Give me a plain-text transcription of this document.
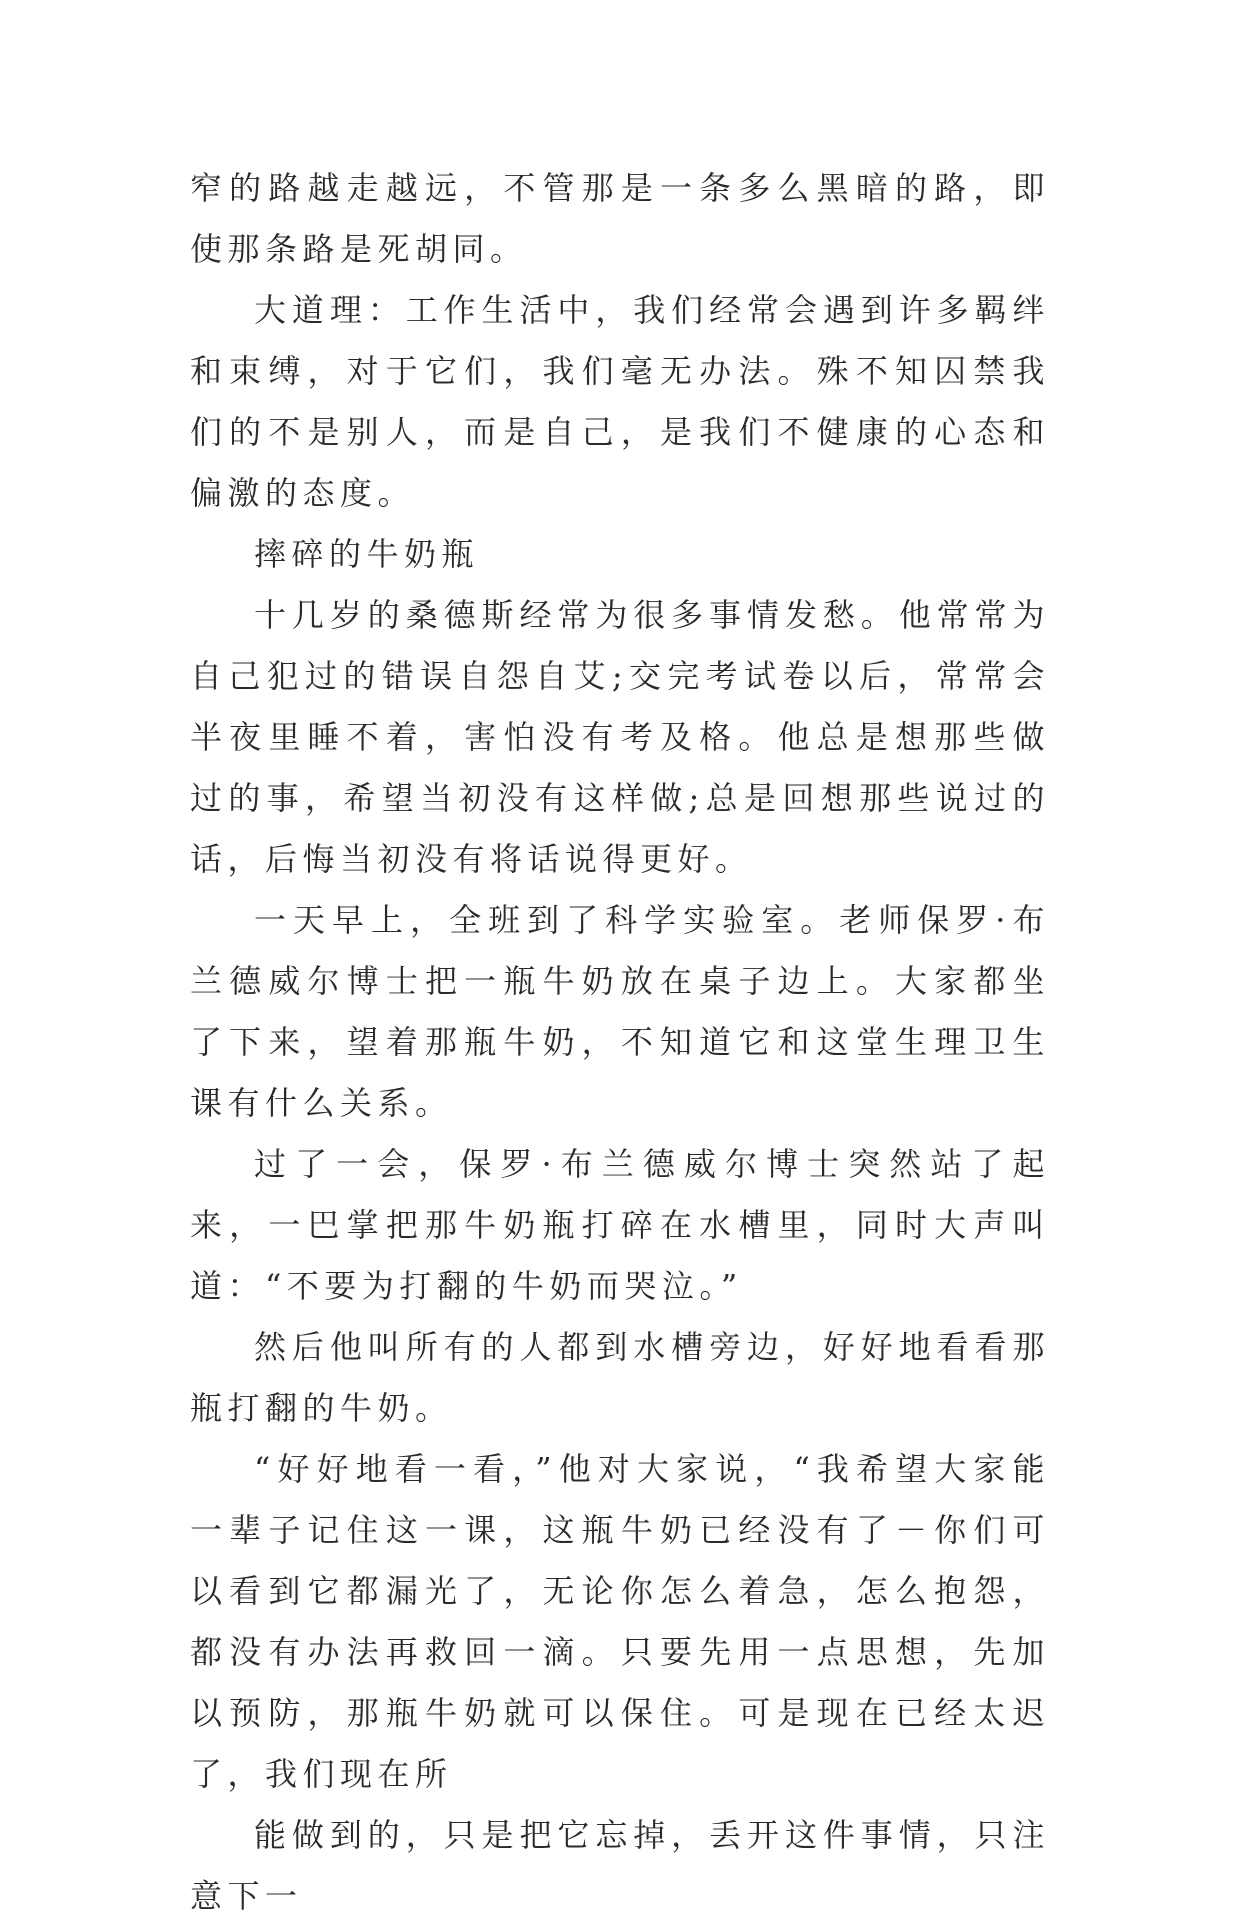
窄的路越走越远，不管那是一条多么黑暗的路，即使那条路是死胡同。

大道理：工作生活中，我们经常会遇到许多羁绊和束缚，对于它们，我们毫无办法。殊不知囚禁我们的不是别人，而是自己，是我们不健康的心态和偏激的态度。

摔碎的牛奶瓶

十几岁的桑德斯经常为很多事情发愁。他常常为自己犯过的错误自怨自艾;交完考试卷以后，常常会半夜里睡不着，害怕没有考及格。他总是想那些做过的事，希望当初没有这样做;总是回想那些说过的话，后悔当初没有将话说得更好。

一天早上，全班到了科学实验室。老师保罗·布兰德威尔博士把一瓶牛奶放在桌子边上。大家都坐了下来，望着那瓶牛奶，不知道它和这堂生理卫生课有什么关系。

过了一会，保罗·布兰德威尔博士突然站了起来，一巴掌把那牛奶瓶打碎在水槽里，同时大声叫道：“不要为打翻的牛奶而哭泣。”

然后他叫所有的人都到水槽旁边，好好地看看那瓶打翻的牛奶。

“好好地看一看，”他对大家说，“我希望大家能一辈子记住这一课，这瓶牛奶已经没有了－你们可以看到它都漏光了，无论你怎么着急，怎么抱怨，都没有办法再救回一滴。只要先用一点思想，先加以预防，那瓶牛奶就可以保住。可是现在已经太迟了，我们现在所

能做到的，只是把它忘掉，丢开这件事情，只注意下一
